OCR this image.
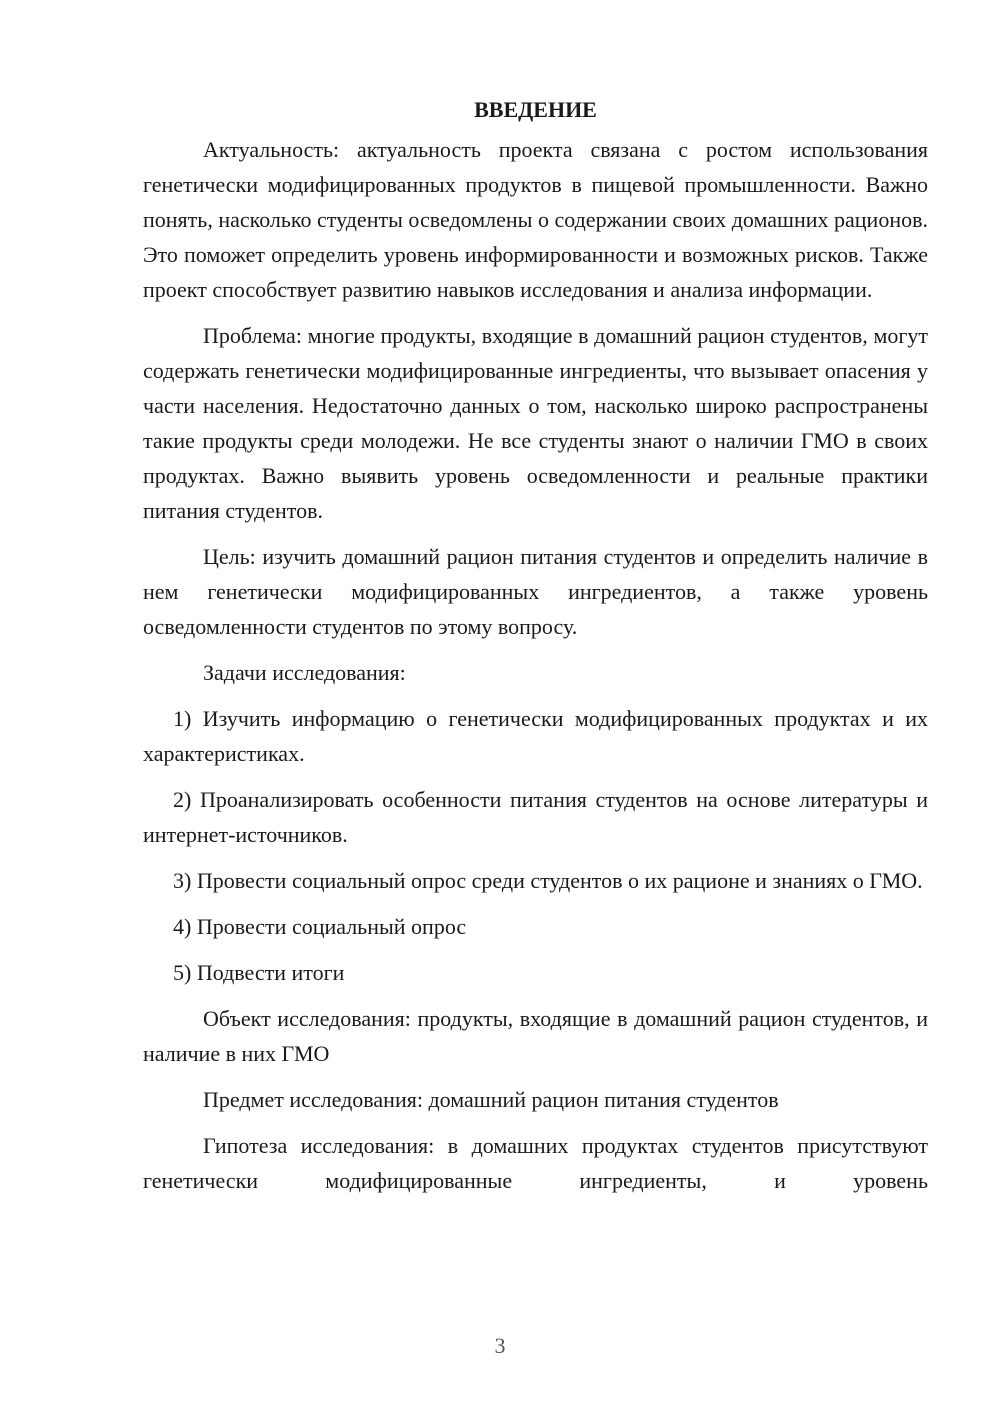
ВВЕДЕНИЕ

Актуальность: актуальность проекта связана с ростом использования генетически модифицированных продуктов в пищевой промышленности. Важно понять, насколько студенты осведомлены о содержании своих домашних рационов. Это поможет определить уровень информированности и возможных рисков. Также проект способствует развитию навыков исследования и анализа информации.

Проблема: многие продукты, входящие в домашний рацион студентов, могут содержать генетически модифицированные ингредиенты, что вызывает опасения у части населения. Недостаточно данных о том, насколько широко распространены такие продукты среди молодежи. Не все студенты знают о наличии ГМО в своих продуктах. Важно выявить уровень осведомленности и реальные практики питания студентов.

Цель: изучить домашний рацион питания студентов и определить наличие в нем генетически модифицированных ингредиентов, а также уровень осведомленности студентов по этому вопросу.

Задачи исследования:

1) Изучить информацию о генетически модифицированных продуктах и их характеристиках.

2) Проанализировать особенности питания студентов на основе литературы и интернет-источников.

3) Провести социальный опрос среди студентов о их рационе и знаниях о ГМО.

4) Провести социальный опрос

5) Подвести итоги

Объект исследования: продукты, входящие в домашний рацион студентов, и наличие в них ГМО

Предмет исследования: домашний рацион питания студентов

Гипотеза исследования: в домашних продуктах студентов присутствуют генетически модифицированные ингредиенты, и уровень

3
